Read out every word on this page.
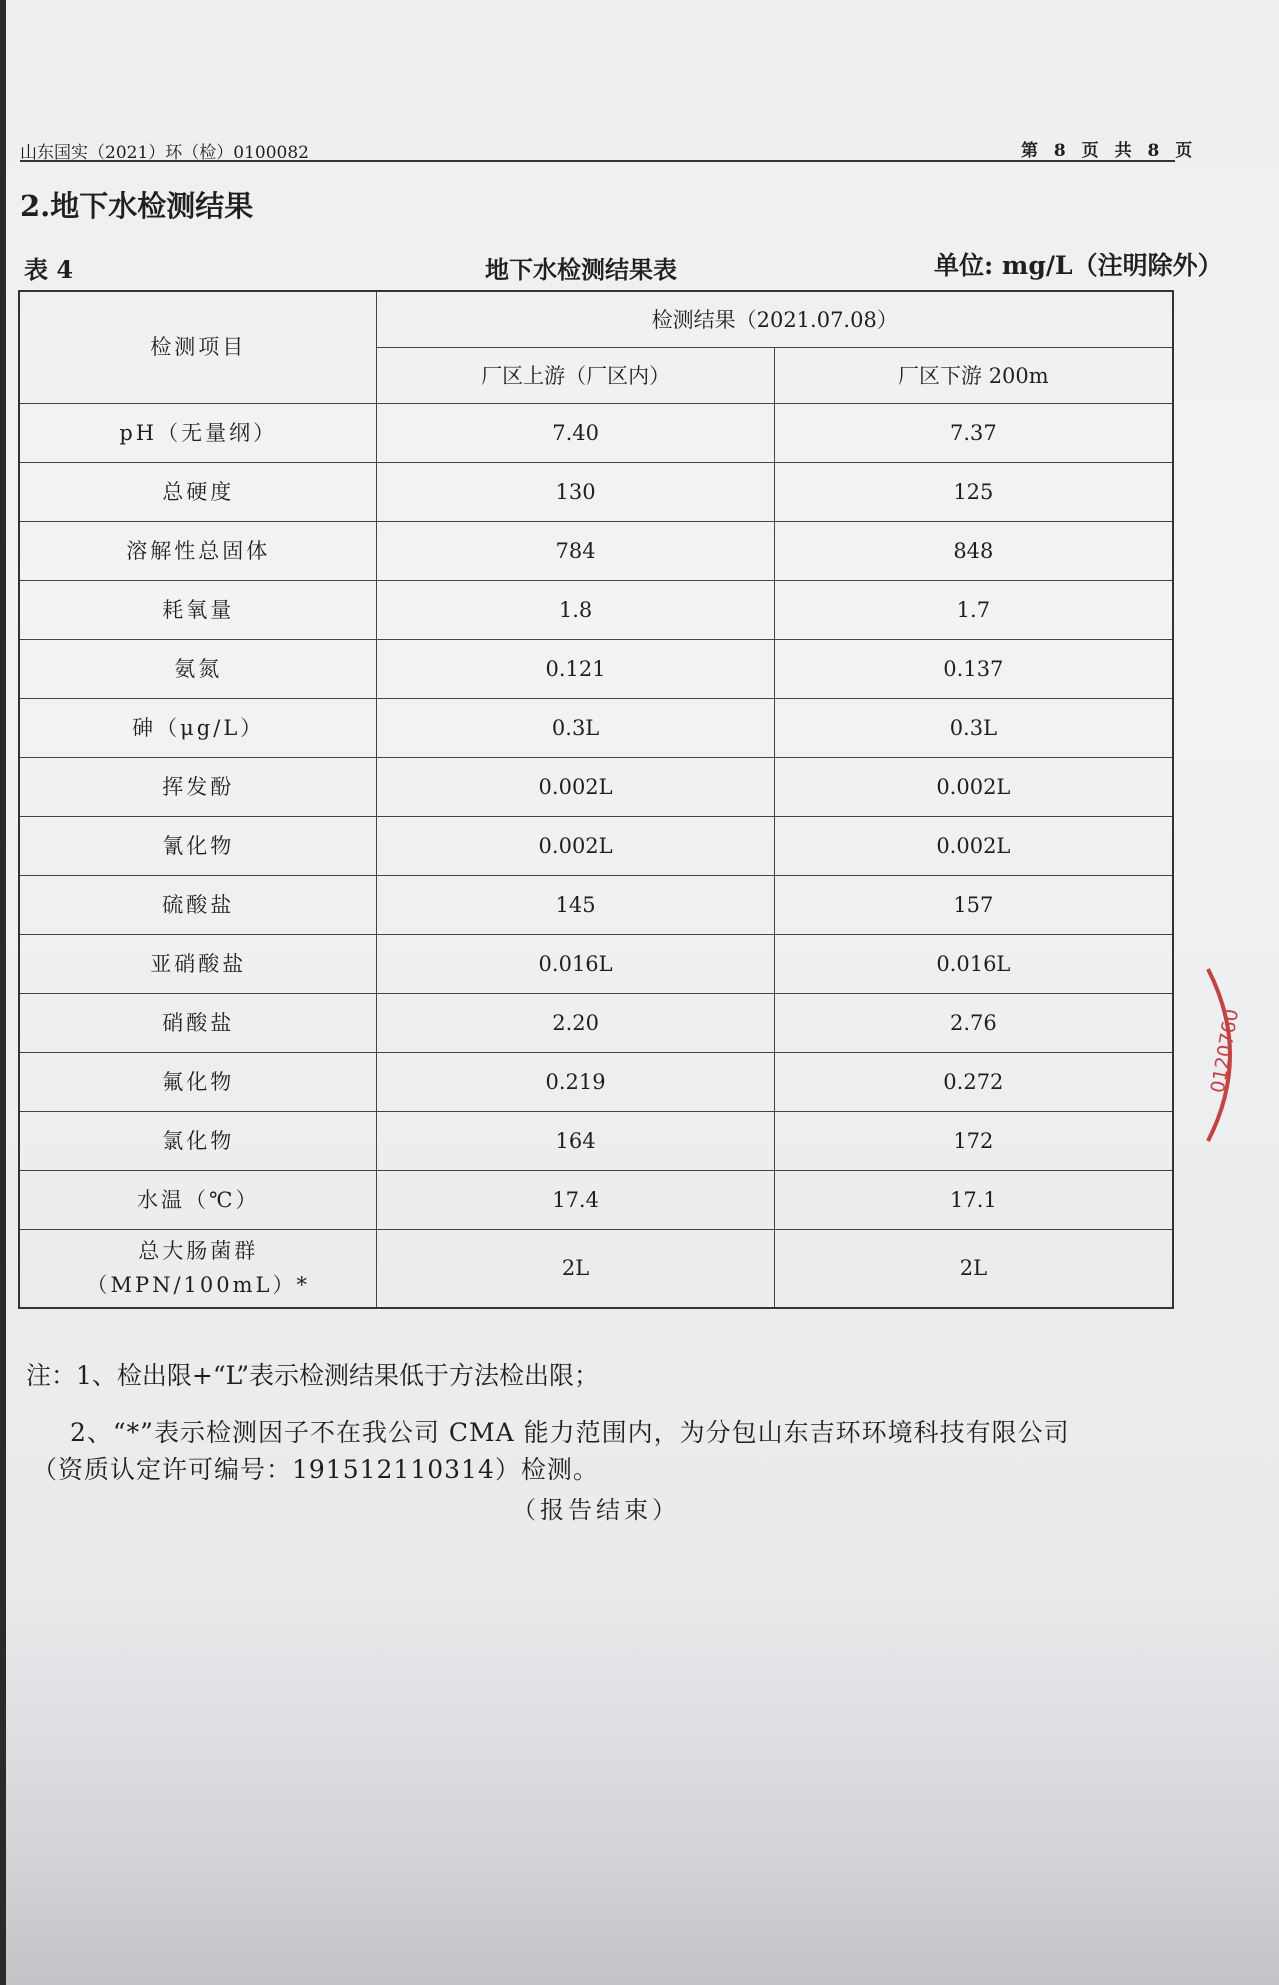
山东国实（2021）环（检）0100082	第 8 页 共 8 页
2.地下水检测结果
表 4	地下水检测结果表	单位: mg/L（注明除外）
检测项目	检测结果（2021.07.08）	
	厂区上游（厂区内）	厂区下游 200m
pH（无量纲）	7.40	7.37
总硬度	130	125
溶解性总固体	784	848
耗氧量	1.8	1.7
氨氮	0.121	0.137
砷（μg/L）	0.3L	0.3L
挥发酚	0.002L	0.002L
氰化物	0.002L	0.002L
硫酸盐	145	157
亚硝酸盐	0.016L	0.016L
硝酸盐	2.20	2.76
氟化物	0.219	0.272
氯化物	164	172
水温（℃）	17.4	17.1

总大肠菌群
（MPN/100mL）*	2L	2L
注：1、检出限+“L”表示检测结果低于方法检出限；
2、“*”表示检测因子不在我公司 CMA 能力范围内，为分包山东吉环环境科技有限公司
（资质认定许可编号：191512110314）检测。
（报告结束）
0120760
